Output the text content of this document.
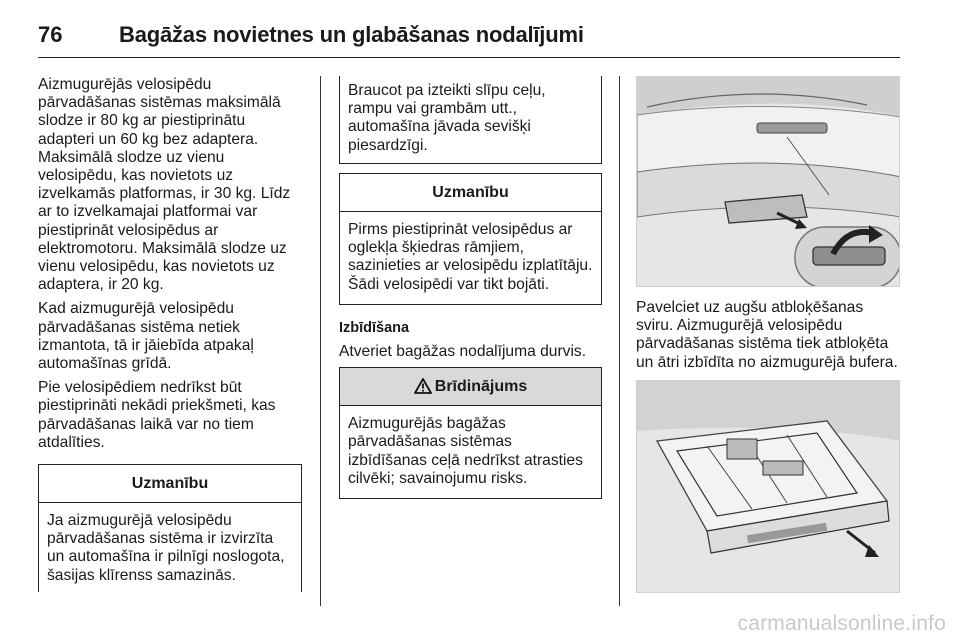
76	Bagāžas novietnes un glabāšanas nodalījumi

Aizmugurējās velosipēdu pārvadāšanas sistēmas maksimālā slodze ir 80 kg ar piestiprinātu adapteri un 60 kg bez adaptera. Maksimālā slodze uz vienu velosipēdu, kas novietots uz izvelkamās platformas, ir 30 kg. Līdz ar to izvelkamajai platformai var piestiprināt velosipēdus ar elektromotoru. Maksimālā slodze uz vienu velosipēdu, kas novietots uz adaptera, ir 20 kg.

Kad aizmugurējā velosipēdu pārvadāšanas sistēma netiek izmantota, tā ir jāiebīda atpakaļ automašīnas grīdā.

Pie velosipēdiem nedrīkst būt piestiprināti nekādi priekšmeti, kas pārvadāšanas laikā var no tiem atdalīties.

Uzmanību
Ja aizmugurējā velosipēdu pārvadāšanas sistēma ir izvirzīta un automašīna ir pilnīgi noslogota, šasijas klīrenss samazinās.
Braucot pa izteikti slīpu ceļu, rampu vai grambām utt., automašīna jāvada sevišķi piesardzīgi.
Uzmanību
Pirms piestiprināt velosipēdus ar oglekļa šķiedras rāmjiem, sazinieties ar velosipēdu izplatītāju. Šādi velosipēdi var tikt bojāti.

Izbīdīšana

Atveriet bagāžas nodalījuma durvis.

Brīdinājums
Aizmugurējās bagāžas pārvadāšanas sistēmas izbīdīšanas ceļā nedrīkst atrasties cilvēki; savainojumu risks.

Pavelciet uz augšu atbloķēšanas sviru. Aizmugurējā velosipēdu pārvadāšanas sistēma tiek atbloķēta un ātri izbīdīta no aizmugurējā bufera.

carmanualsonline.info
